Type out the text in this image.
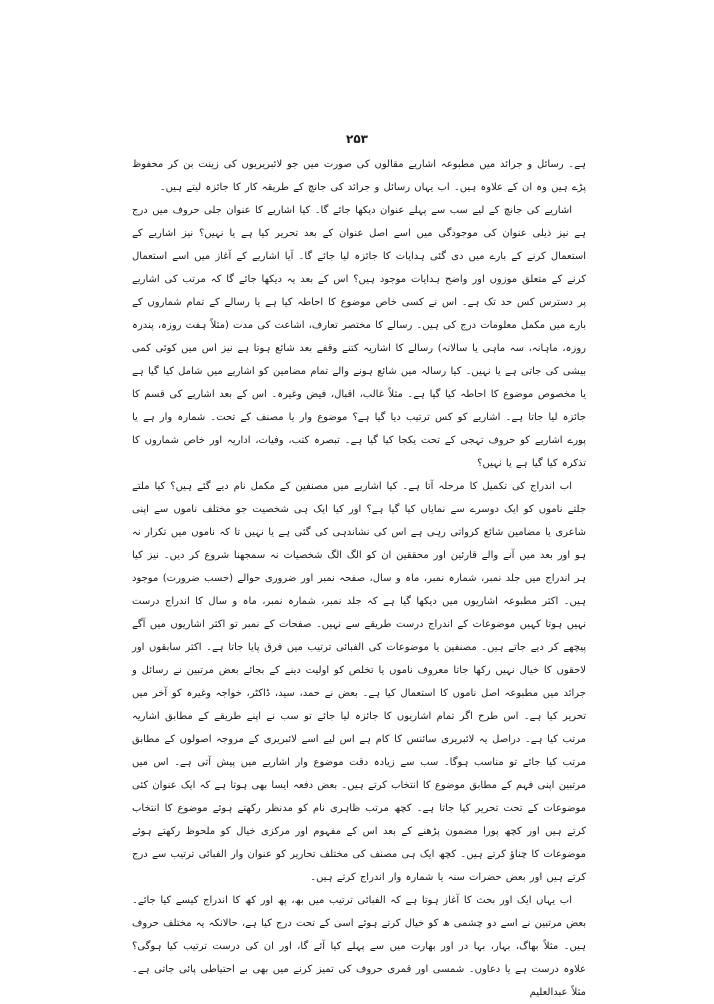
۲۵۳

ہے۔ رسائل و جرائد میں مطبوعہ اشاریے مقالوں کی صورت میں جو لائبریریوں کی زینت بن کر محفوظ پڑے ہیں وہ ان کے علاوہ ہیں۔ اب یہاں رسائل و جرائد کی جانچ کے طریقہ کار کا جائزہ لیتے ہیں۔

اشاریے کی جانچ کے لیے سب سے پہلے عنوان دیکھا جائے گا۔ کیا اشاریے کا عنوان جلی حروف میں درج ہے نیز ذیلی عنوان کی موجودگی میں اسے اصل عنوان کے بعد تحریر کیا ہے یا نہیں؟ نیز اشاریے کے استعمال کرنے کے بارے میں دی گئی ہدایات کا جائزہ لیا جائے گا۔ آیا اشاریے کے آغاز میں اسے استعمال کرنے کے متعلق موزوں اور واضح ہدایات موجود ہیں؟ اس کے بعد یہ دیکھا جائے گا کہ مرتب کی اشاریے پر دسترس کس حد تک ہے۔ اس نے کسی خاص موضوع کا احاطہ کیا ہے یا رسالے کے تمام شماروں کے بارے میں مکمل معلومات درج کی ہیں۔ رسالے کا مختصر تعارف، اشاعت کی مدت (مثلاً ہفت روزہ، پندرہ روزہ، ماہانہ، سہ ماہی یا سالانہ) رسالے کا اشاریہ کتنے وقفے بعد شائع ہوتا ہے نیز اس میں کوئی کمی بیشی کی جاتی ہے یا نہیں۔ کیا رسالہ میں شائع ہونے والے تمام مضامین کو اشاریے میں شامل کیا گیا ہے یا مخصوص موضوع کا احاطہ کیا گیا ہے۔ مثلاً غالب، اقبال، فیض وغیرہ۔ اس کے بعد اشاریے کی قسم کا جائزہ لیا جاتا ہے۔ اشاریے کو کس ترتیب دیا گیا ہے؟ موضوع وار یا مصنف کے تحت۔ شمارہ وار ہے یا پورے اشاریے کو حروف تہجی کے تحت یکجا کیا گیا ہے۔ تبصرہ کتب، وفیات، اداریہ اور خاص شماروں کا تذکرہ کیا گیا ہے یا نہیں؟

اب اندراج کی تکمیل کا مرحلہ آتا ہے۔ کیا اشاریے میں مصنفین کے مکمل نام دیے گئے ہیں؟ کیا ملتے جلتے ناموں کو ایک دوسرے سے نمایاں کیا گیا ہے؟ اور کیا ایک ہی شخصیت جو مختلف ناموں سے اپنی شاعری یا مضامین شائع کرواتی رہی ہے اس کی نشاندہی کی گئی ہے یا نہیں تا کہ ناموں میں تکرار نہ ہو اور بعد میں آنے والے قارئین اور محققین ان کو الگ الگ شخصیات نہ سمجھنا شروع کر دیں۔ نیز کیا ہر اندراج میں جلد نمبر، شمارہ نمبر، ماہ و سال، صفحہ نمبر اور ضروری حوالے (حسب ضرورت) موجود ہیں۔ اکثر مطبوعہ اشاریوں میں دیکھا گیا ہے کہ جلد نمبر، شمارہ نمبر، ماہ و سال کا اندراج درست نہیں ہوتا کہیں موضوعات کے اندراج درست طریقے سے نہیں۔ صفحات کے نمبر تو اکثر اشاریوں میں آگے پیچھے کر دیے جاتے ہیں۔ مصنفین یا موضوعات کی الفبائی ترتیب میں فرق پایا جاتا ہے۔ اکثر سابقوں اور لاحقوں کا خیال نہیں رکھا جاتا معروف ناموں یا تخلص کو اولیت دینے کے بجائے بعض مرتبین نے رسائل و جرائد میں مطبوعہ اصل ناموں کا استعمال کیا ہے۔ بعض نے حمد، سید، ڈاکٹر، خواجہ وغیرہ کو آخر میں تحریر کیا ہے۔ اس طرح اگر تمام اشاریوں کا جائزہ لیا جائے تو سب نے اپنے طریقے کے مطابق اشاریہ مرتب کیا ہے۔ دراصل یہ لائبریری سائنس کا کام ہے اس لیے اسے لائبریری کے مروجہ اصولوں کے مطابق مرتب کیا جائے تو مناسب ہوگا۔ سب سے زیادہ دقت موضوع وار اشاریے میں پیش آتی ہے۔ اس میں مرتبین اپنی فہم کے مطابق موضوع کا انتخاب کرتے ہیں۔ بعض دفعہ ایسا بھی ہوتا ہے کہ ایک عنوان کئی موضوعات کے تحت تحریر کیا جاتا ہے۔ کچھ مرتب ظاہری نام کو مدنظر رکھتے ہوئے موضوع کا انتخاب کرتے ہیں اور کچھ پورا مضمون پڑھنے کے بعد اس کے مفہوم اور مرکزی خیال کو ملحوظ رکھتے ہوئے موضوعات کا چناؤ کرتے ہیں۔ کچھ ایک ہی مصنف کی مختلف تحاریر کو عنوان وار الفبائی ترتیب سے درج کرتے ہیں اور بعض حضرات سنہ یا شمارہ وار اندراج کرتے ہیں۔

اب یہاں ایک اور بحث کا آغاز ہوتا ہے کہ الفبائی ترتیب میں بھ، پھ اور کھ کا اندراج کیسے کیا جائے۔ بعض مرتبین نے اسے دو چشمی ھ کو خیال کرتے ہوئے اسی کے تحت درج کیا ہے، حالانکہ یہ مختلف حروف ہیں۔ مثلاً بھاگ، بہار، بہا در اور بھارت میں سے پہلے کیا آئے گا، اور ان کی درست ترتیب کیا ہوگی؟ علاوہ درست ہے یا دعاوں۔ شمسی اور قمری حروف کی تمیز کرنے میں بھی بے احتیاطی پائی جاتی ہے۔ مثلاً عبدالعلیم
